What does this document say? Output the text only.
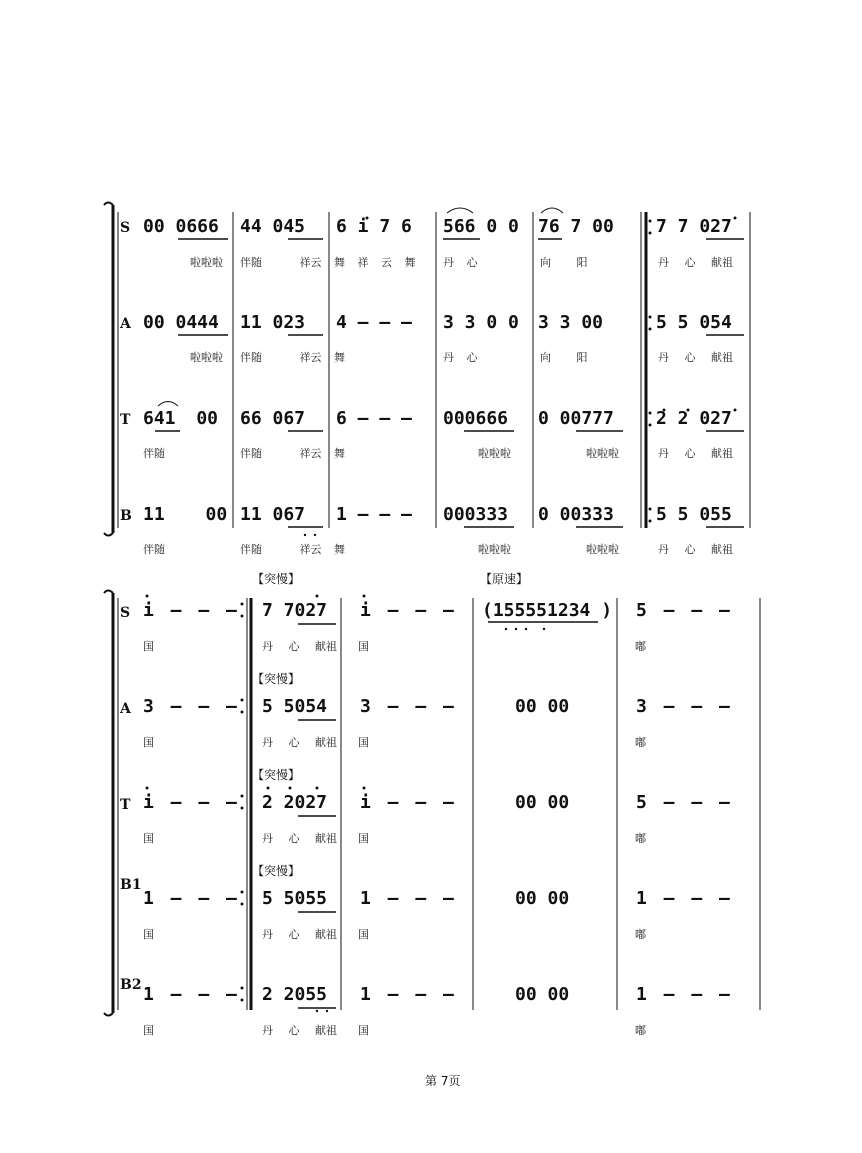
S 00 0666 44 045 6 i 7 6 566 0 0 76 7 00 7 7 027
啦啦啦 伴随 祥云 舞 祥 云 舞	丹 心	向 阳	丹 心 献祖
A 00 0444 11 023 4 — — — 3 3 0 0 3 3 00	5 5 054
啦啦啦 伴随 祥云 舞	丹 心	向 阳	丹 心 献祖
T 641 00 66 067 6 — — — 000666 0 00777 2 2 027
伴随	伴随 祥云 舞	啦啦啦	啦啦啦	丹 心 献祖
B 11 00 11 067 1 — — — 000333 0 00333 5 5 055
伴随	伴随 祥云 舞	啦啦啦	啦啦啦	丹 心 献祖
【突慢】	【原速】
【突慢】
【突慢】
【突慢】
S i — — — 7 7027 i — — — (155551234 ) 5 — — —
国	丹 心 献祖 国	嘟
A 3 — — — 5 5054 3 — — —	00 00	3 — — —
国	丹 心 献祖 国	嘟
T i — — — 2 2027 i — — —	00 00	5 — — —
国	丹 心 献祖 国	嘟
B1
1 — — — 5 5055 1 — — —	00 00	1 — — —
国	丹 心 献祖 国	嘟
B2 1 — — — 2 2055 1 — — —	00 00	1 — — —
国	丹 心 献祖 国	嘟
第 7页
